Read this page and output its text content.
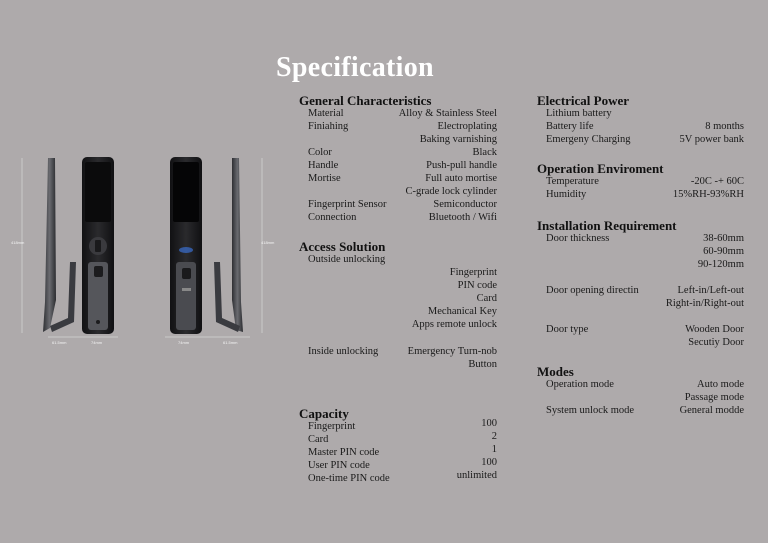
Specification
418mm	418mm
61.5mm	74mm	74mm	61.5mm
General Characteristics
Material	Alloy & Stainless Steel
Finiahing	Electroplating
Baking varnishing
Color	Black
Handle	Push-pull handle
Mortise	Full auto mortise
C-grade lock cylinder
Fingerprint Sensor	Semiconductor
Connection	Bluetooth / Wifi
Access Solution
Outside unlocking
Fingerprint
PIN code
Card
Mechanical Key
Apps remote unlock
Inside unlocking	Emergency Turn-nob
Button
Capacity
Fingerprint	100
Card	2
Master PIN code	1
User PIN code	100
One-time PIN code	unlimited
Electrical Power
Lithium battery
Battery life	8 months
Emergeny Charging	5V power bank
Operation Enviroment
Temperature	-20C -+ 60C
Humidity	15%RH-93%RH
Installation Requirement
Door thickness	38-60mm
60-90mm
90-120mm
Door opening directin	Left-in/Left-out
Right-in/Right-out
Door type	Wooden Door
Secutiy Door
Modes
Operation mode	Auto mode
Passage mode
System unlock mode	General modde
